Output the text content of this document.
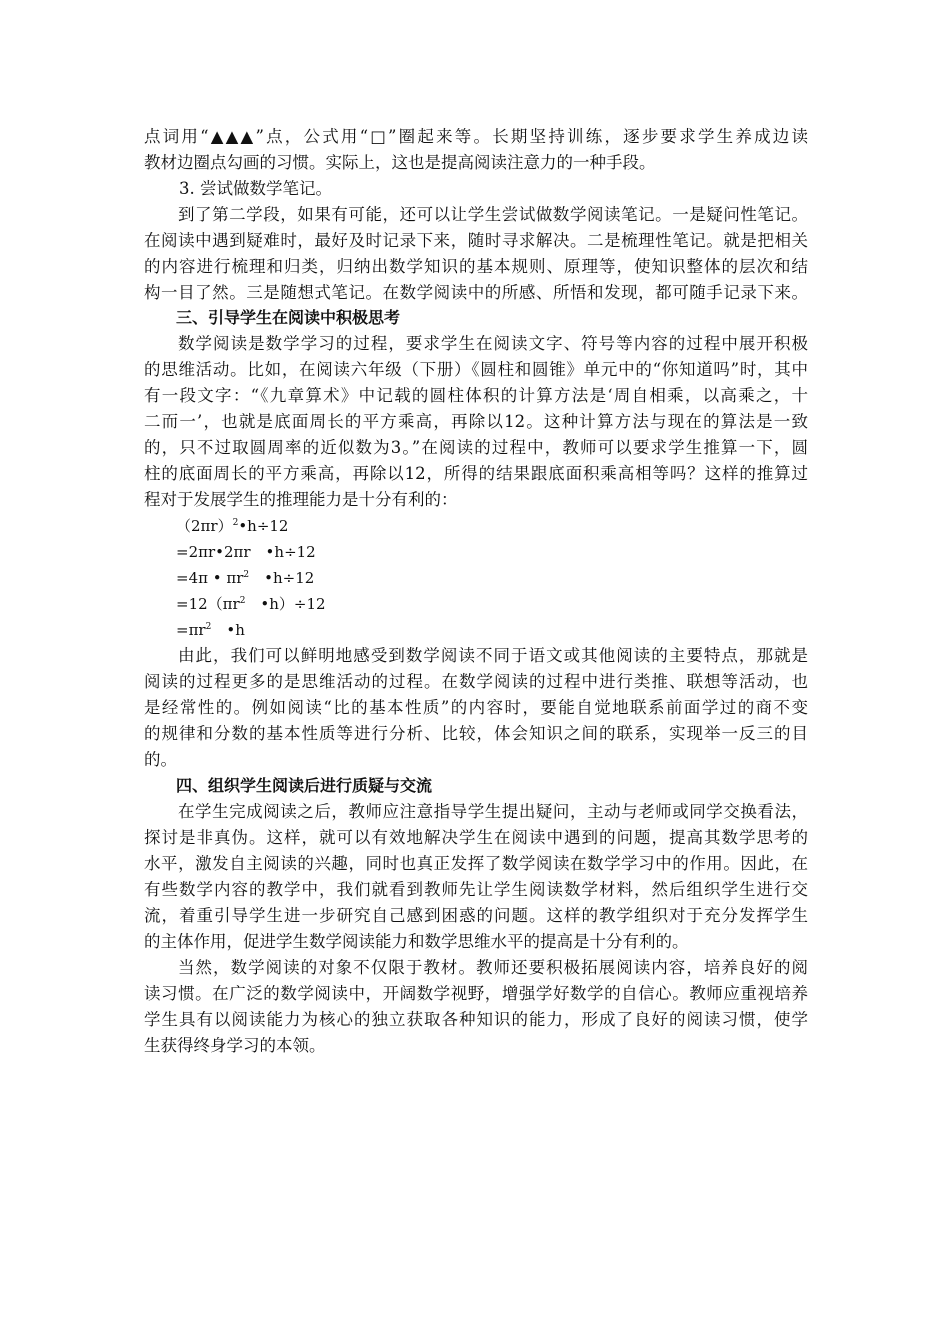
点词用“▲▲▲”点，公式用“□”圈起来等。长期坚持训练，逐步要求学生养成边读
教材边圈点勾画的习惯。实际上，这也是提高阅读注意力的一种手段。
3. 尝试做数学笔记。
到了第二学段，如果有可能，还可以让学生尝试做数学阅读笔记。一是疑问性笔记。
在阅读中遇到疑难时，最好及时记录下来，随时寻求解决。二是梳理性笔记。就是把相关
的内容进行梳理和归类，归纳出数学知识的基本规则、原理等，使知识整体的层次和结
构一目了然。三是随想式笔记。在数学阅读中的所感、所悟和发现，都可随手记录下来。
三、引导学生在阅读中积极思考
数学阅读是数学学习的过程，要求学生在阅读文字、符号等内容的过程中展开积极
的思维活动。比如，在阅读六年级（下册）《圆柱和圆锥》单元中的“你知道吗”时，其中
有一段文字：“《九章算术》中记载的圆柱体积的计算方法是‘周自相乘，以高乘之，十
二而一’，也就是底面周长的平方乘高，再除以12。这种计算方法与现在的算法是一致
的，只不过取圆周率的近似数为3。”在阅读的过程中，教师可以要求学生推算一下，圆
柱的底面周长的平方乘高，再除以12，所得的结果跟底面积乘高相等吗？这样的推算过
程对于发展学生的推理能力是十分有利的：
$(2\pi r)^2•h\div 12$
=2πr•2πr　•h÷12
=4π • $\pi r^2$　•h÷12
$=12(\pi r^2$　•h）÷12
$=\pi r^2$　•h
由此，我们可以鲜明地感受到数学阅读不同于语文或其他阅读的主要特点，那就是
阅读的过程更多的是思维活动的过程。在数学阅读的过程中进行类推、联想等活动，也
是经常性的。例如阅读“比的基本性质”的内容时，要能自觉地联系前面学过的商不变
的规律和分数的基本性质等进行分析、比较，体会知识之间的联系，实现举一反三的目
的。
四、组织学生阅读后进行质疑与交流
在学生完成阅读之后，教师应注意指导学生提出疑问，主动与老师或同学交换看法，
探讨是非真伪。这样，就可以有效地解决学生在阅读中遇到的问题，提高其数学思考的
水平，激发自主阅读的兴趣，同时也真正发挥了数学阅读在数学学习中的作用。因此，在
有些数学内容的教学中，我们就看到教师先让学生阅读数学材料，然后组织学生进行交
流，着重引导学生进一步研究自己感到困惑的问题。这样的教学组织对于充分发挥学生
的主体作用，促进学生数学阅读能力和数学思维水平的提高是十分有利的。
当然，数学阅读的对象不仅限于教材。教师还要积极拓展阅读内容，培养良好的阅
读习惯。在广泛的数学阅读中，开阔数学视野，增强学好数学的自信心。教师应重视培养
学生具有以阅读能力为核心的独立获取各种知识的能力，形成了良好的阅读习惯，使学
生获得终身学习的本领。
